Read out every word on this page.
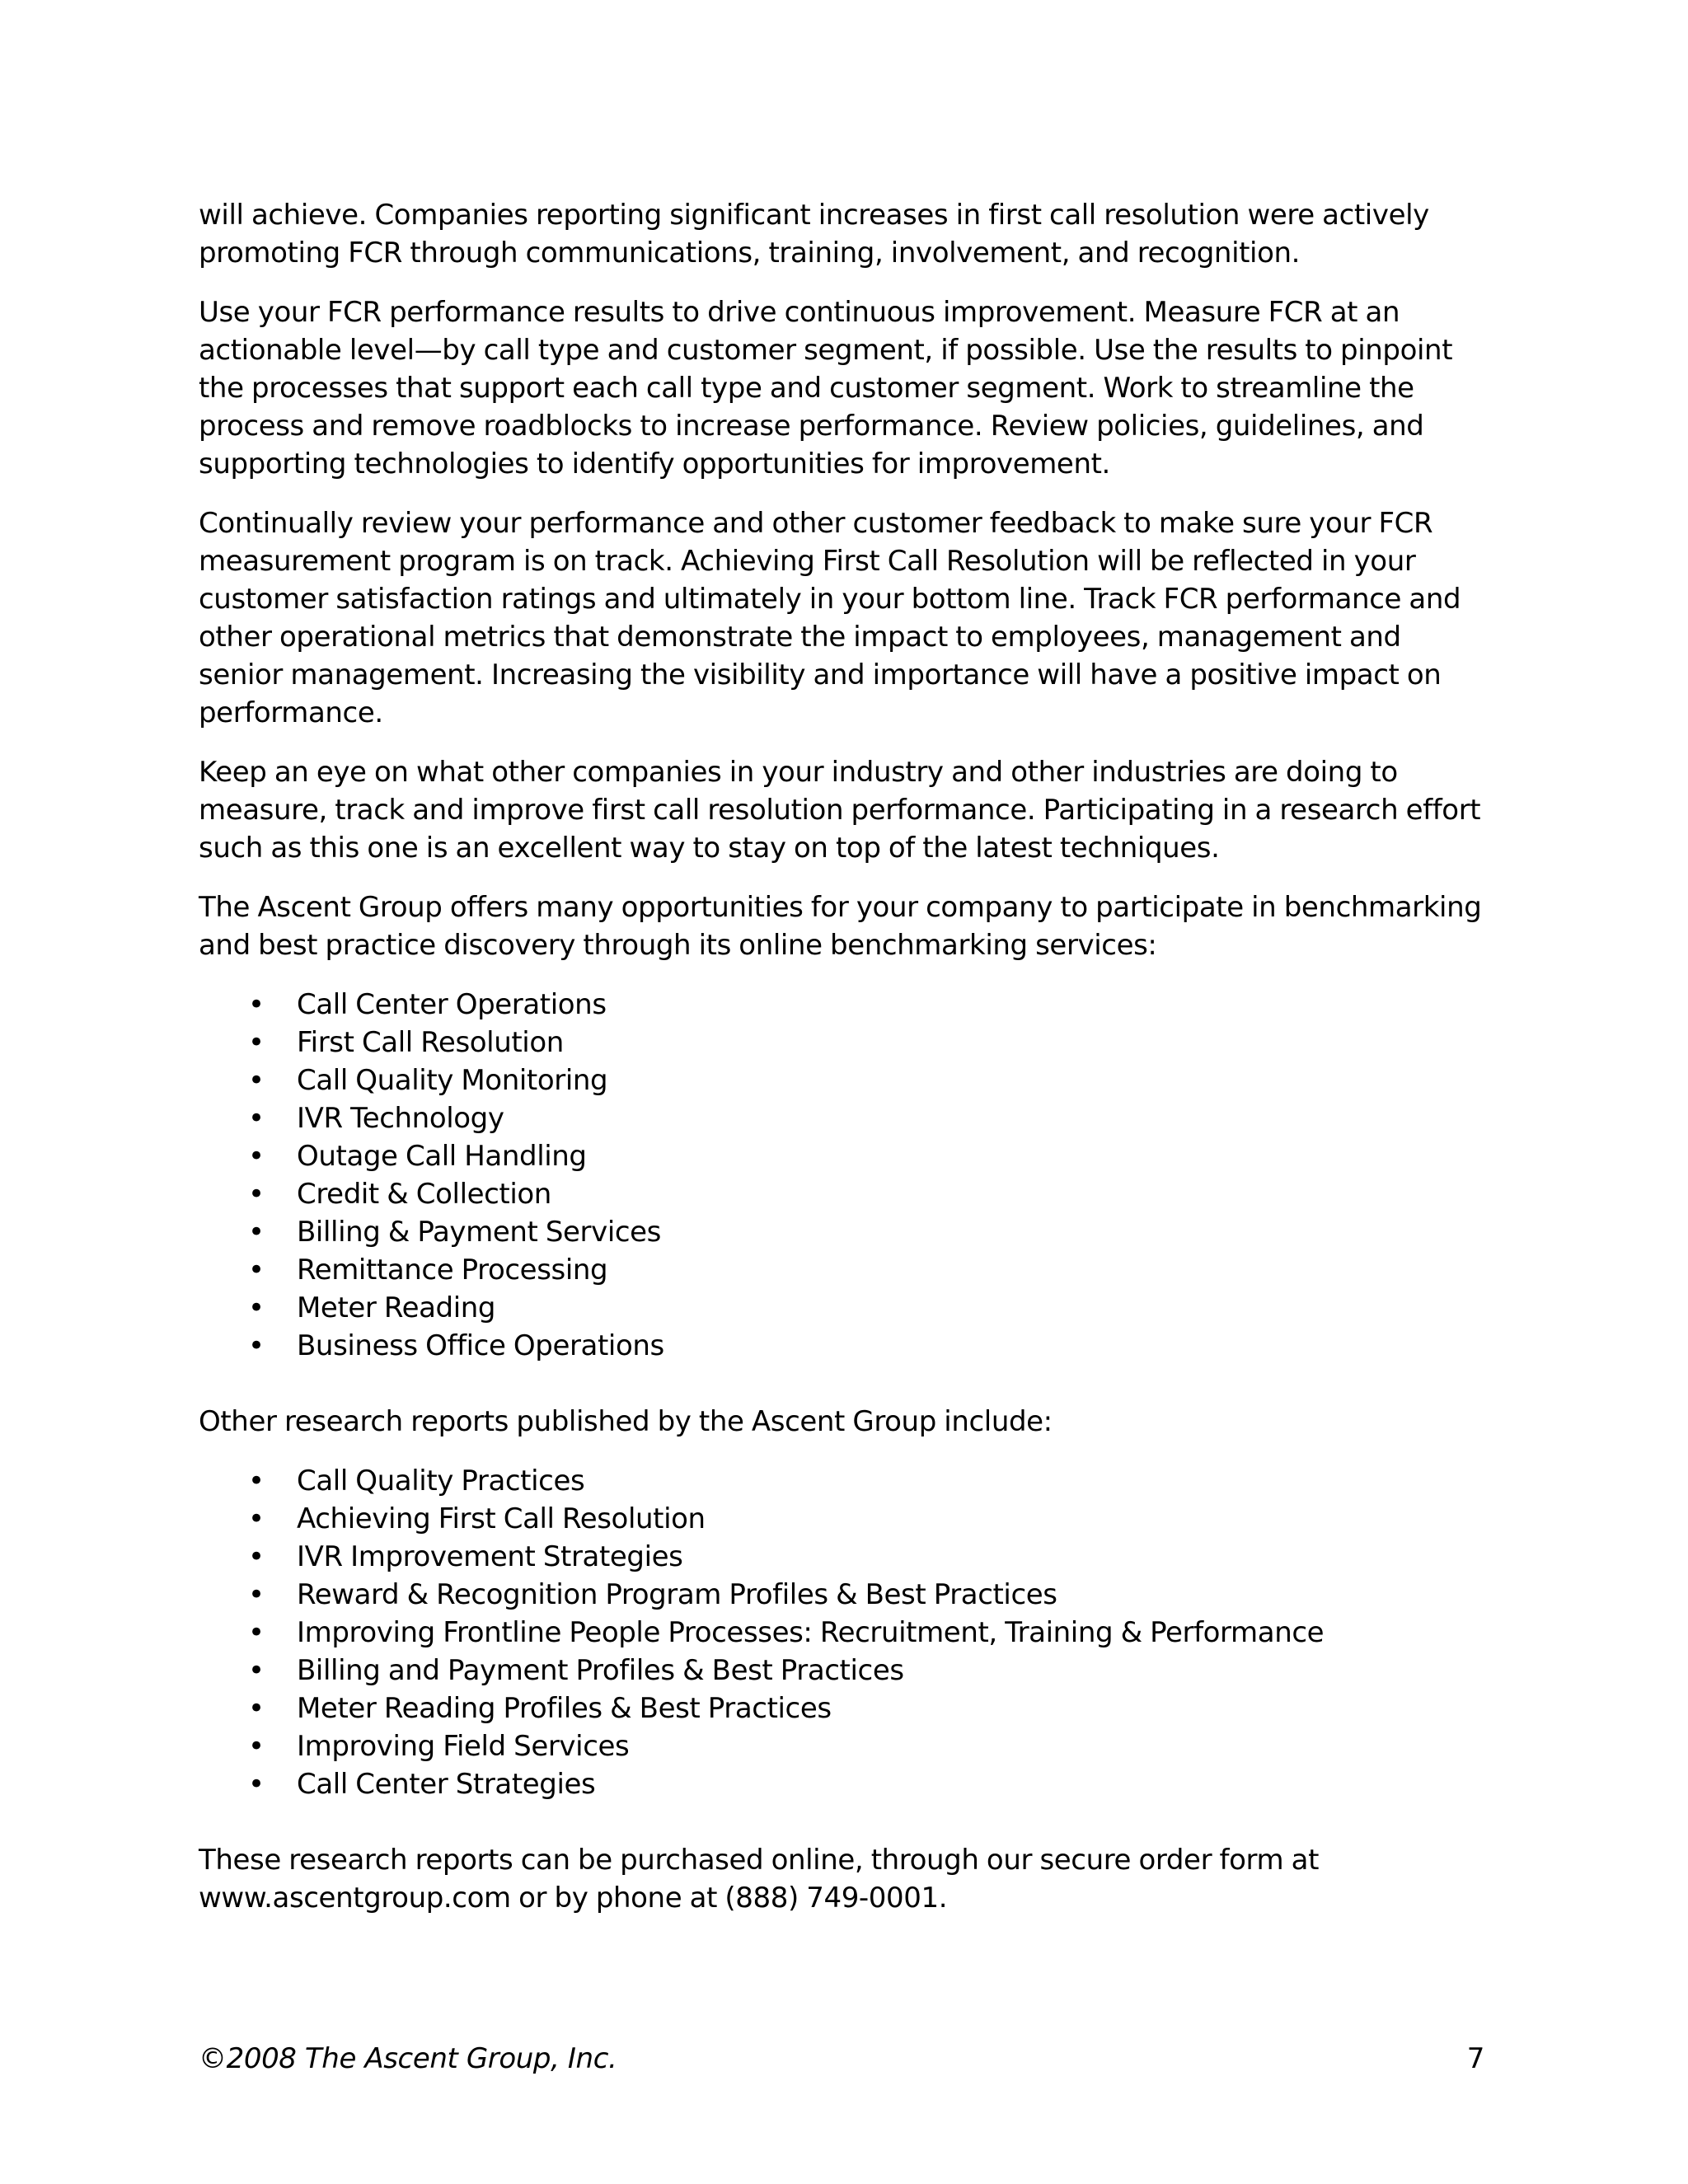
will achieve. Companies reporting significant increases in first call resolution were actively promoting FCR through communications, training, involvement, and recognition.

Use your FCR performance results to drive continuous improvement. Measure FCR at an actionable level—by call type and customer segment, if possible. Use the results to pinpoint the processes that support each call type and customer segment. Work to streamline the process and remove roadblocks to increase performance. Review policies, guidelines, and supporting technologies to identify opportunities for improvement.

Continually review your performance and other customer feedback to make sure your FCR measurement program is on track. Achieving First Call Resolution will be reflected in your customer satisfaction ratings and ultimately in your bottom line. Track FCR performance and other operational metrics that demonstrate the impact to employees, management and senior management. Increasing the visibility and importance will have a positive impact on performance.

Keep an eye on what other companies in your industry and other industries are doing to measure, track and improve first call resolution performance. Participating in a research effort such as this one is an excellent way to stay on top of the latest techniques.

The Ascent Group offers many opportunities for your company to participate in benchmarking and best practice discovery through its online benchmarking services:

• Call Center Operations
• First Call Resolution
• Call Quality Monitoring
• IVR Technology
• Outage Call Handling
• Credit & Collection
• Billing & Payment Services
• Remittance Processing
• Meter Reading
• Business Office Operations

Other research reports published by the Ascent Group include:

• Call Quality Practices
• Achieving First Call Resolution
• IVR Improvement Strategies
• Reward & Recognition Program Profiles & Best Practices
• Improving Frontline People Processes: Recruitment, Training & Performance
• Billing and Payment Profiles & Best Practices
• Meter Reading Profiles & Best Practices
• Improving Field Services
• Call Center Strategies

These research reports can be purchased online, through our secure order form at www.ascentgroup.com or by phone at (888) 749-0001.

©2008 The Ascent Group, Inc.	7
